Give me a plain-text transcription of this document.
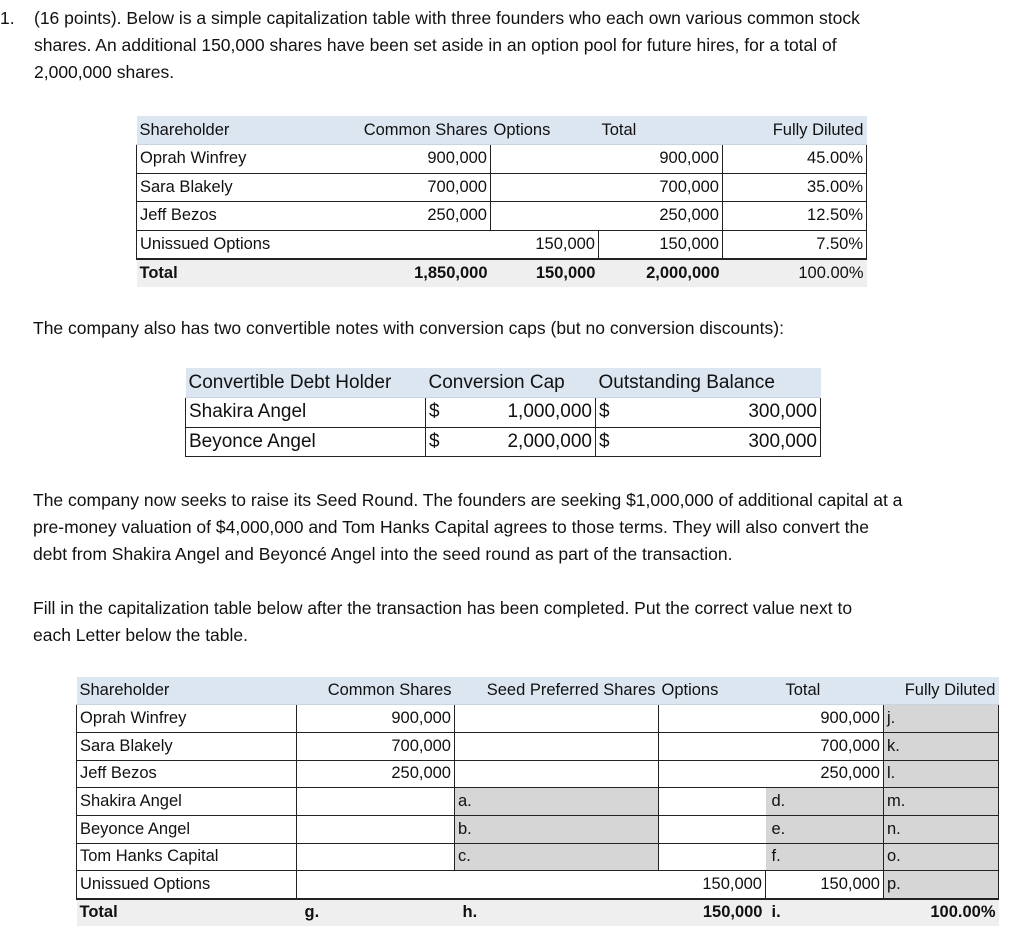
1. (16 points). Below is a simple capitalization table with three founders who each own various common stock
shares. An additional 150,000 shares have been set aside in an option pool for future hires, for a total of
2,000,000 shares.
Shareholder	Common Shares	Options	Total	Fully Diluted
Oprah Winfrey	900,000		900,000	45.00%
Sara Blakely	700,000		700,000	35.00%
Jeff Bezos	250,000		250,000	12.50%
Unissued Options		150,000	150,000	7.50%
Total	1,850,000	150,000	2,000,000	100.00%
The company also has two convertible notes with conversion caps (but no conversion discounts):
Convertible Debt Holder	Conversion Cap		Outstanding Balance	
Shakira Angel	$	1,000,000	$	300,000
Beyonce Angel	$	2,000,000	$	300,000
The company now seeks to raise its Seed Round. The founders are seeking $1,000,000 of additional capital at a
pre-money valuation of $4,000,000 and Tom Hanks Capital agrees to those terms. They will also convert the
debt from Shakira Angel and Beyoncé Angel into the seed round as part of the transaction.
Fill in the capitalization table below after the transaction has been completed. Put the correct value next to
each Letter below the table.
Shareholder	Common Shares	Seed Preferred Shares	Options	Total	Fully Diluted
Oprah Winfrey	900,000			900,000	j.
Sara Blakely	700,000			700,000	k.
Jeff Bezos	250,000			250,000	l.
Shakira Angel		a.		d.	m.
Beyonce Angel		b.		e.	n.
Tom Hanks Capital		c.		f.	o.
Unissued Options			150,000	150,000	p.
Total	g.	h.	150,000	i.	100.00%
